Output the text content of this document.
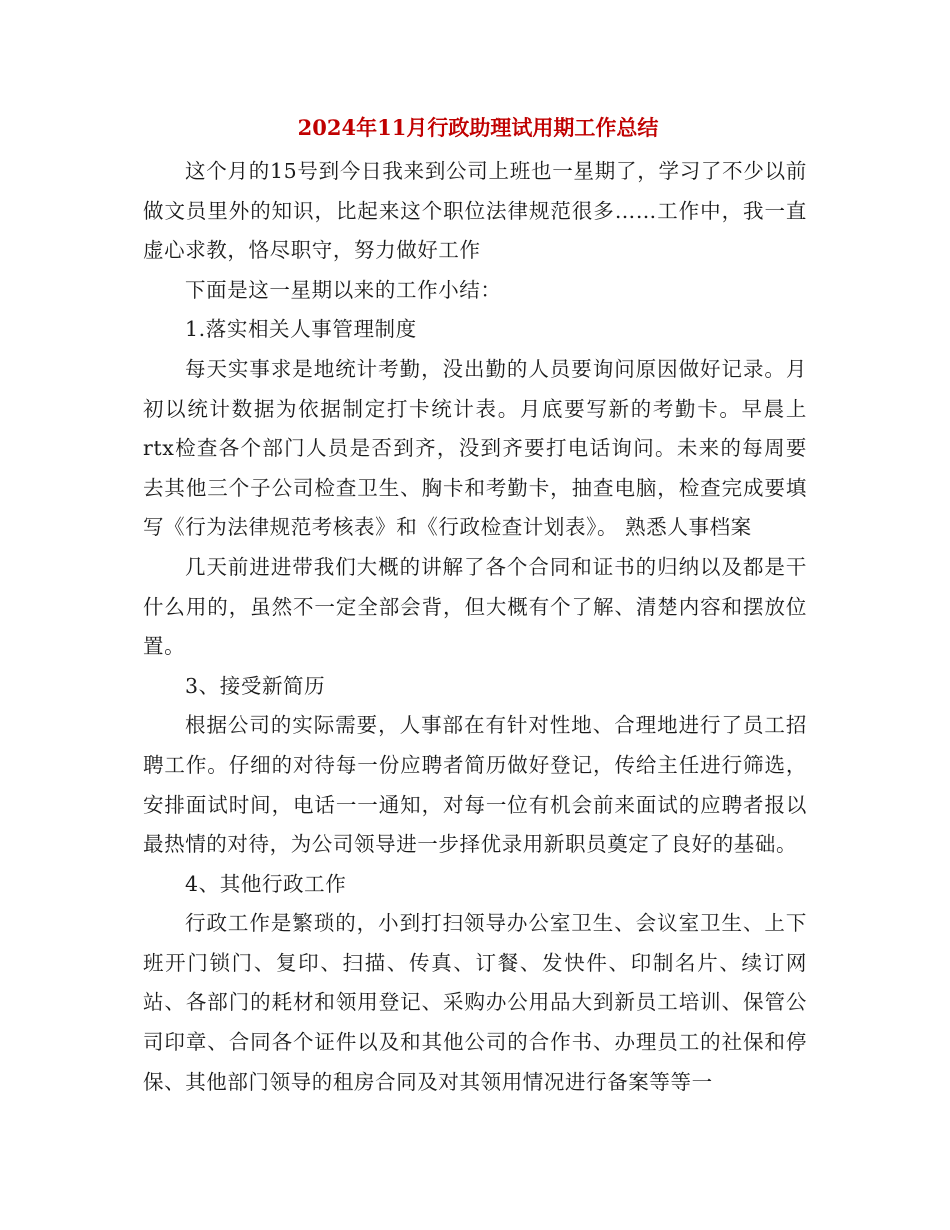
2024年11月行政助理试用期工作总结

这个月的15号到今日我来到公司上班也一星期了，学习了不少以前做文员里外的知识，比起来这个职位法律规范很多……工作中，我一直虚心求教，恪尽职守，努力做好工作

下面是这一星期以来的工作小结：

1.落实相关人事管理制度

每天实事求是地统计考勤，没出勤的人员要询问原因做好记录。月初以统计数据为依据制定打卡统计表。月底要写新的考勤卡。早晨上rtx检查各个部门人员是否到齐，没到齐要打电话询问。未来的每周要去其他三个子公司检查卫生、胸卡和考勤卡，抽查电脑，检查完成要填写《行为法律规范考核表》和《行政检查计划表》。 熟悉人事档案

几天前进进带我们大概的讲解了各个合同和证书的归纳以及都是干什么用的，虽然不一定全部会背，但大概有个了解、清楚内容和摆放位置。

3、接受新简历

根据公司的实际需要，人事部在有针对性地、合理地进行了员工招聘工作。仔细的对待每一份应聘者简历做好登记，传给主任进行筛选，安排面试时间，电话一一通知，对每一位有机会前来面试的应聘者报以最热情的对待，为公司领导进一步择优录用新职员奠定了良好的基础。

4、其他行政工作

行政工作是繁琐的，小到打扫领导办公室卫生、会议室卫生、上下班开门锁门、复印、扫描、传真、订餐、发快件、印制名片、续订网站、各部门的耗材和领用登记、采购办公用品大到新员工培训、保管公司印章、合同各个证件以及和其他公司的合作书、办理员工的社保和停保、其他部门领导的租房合同及对其领用情况进行备案等等一
